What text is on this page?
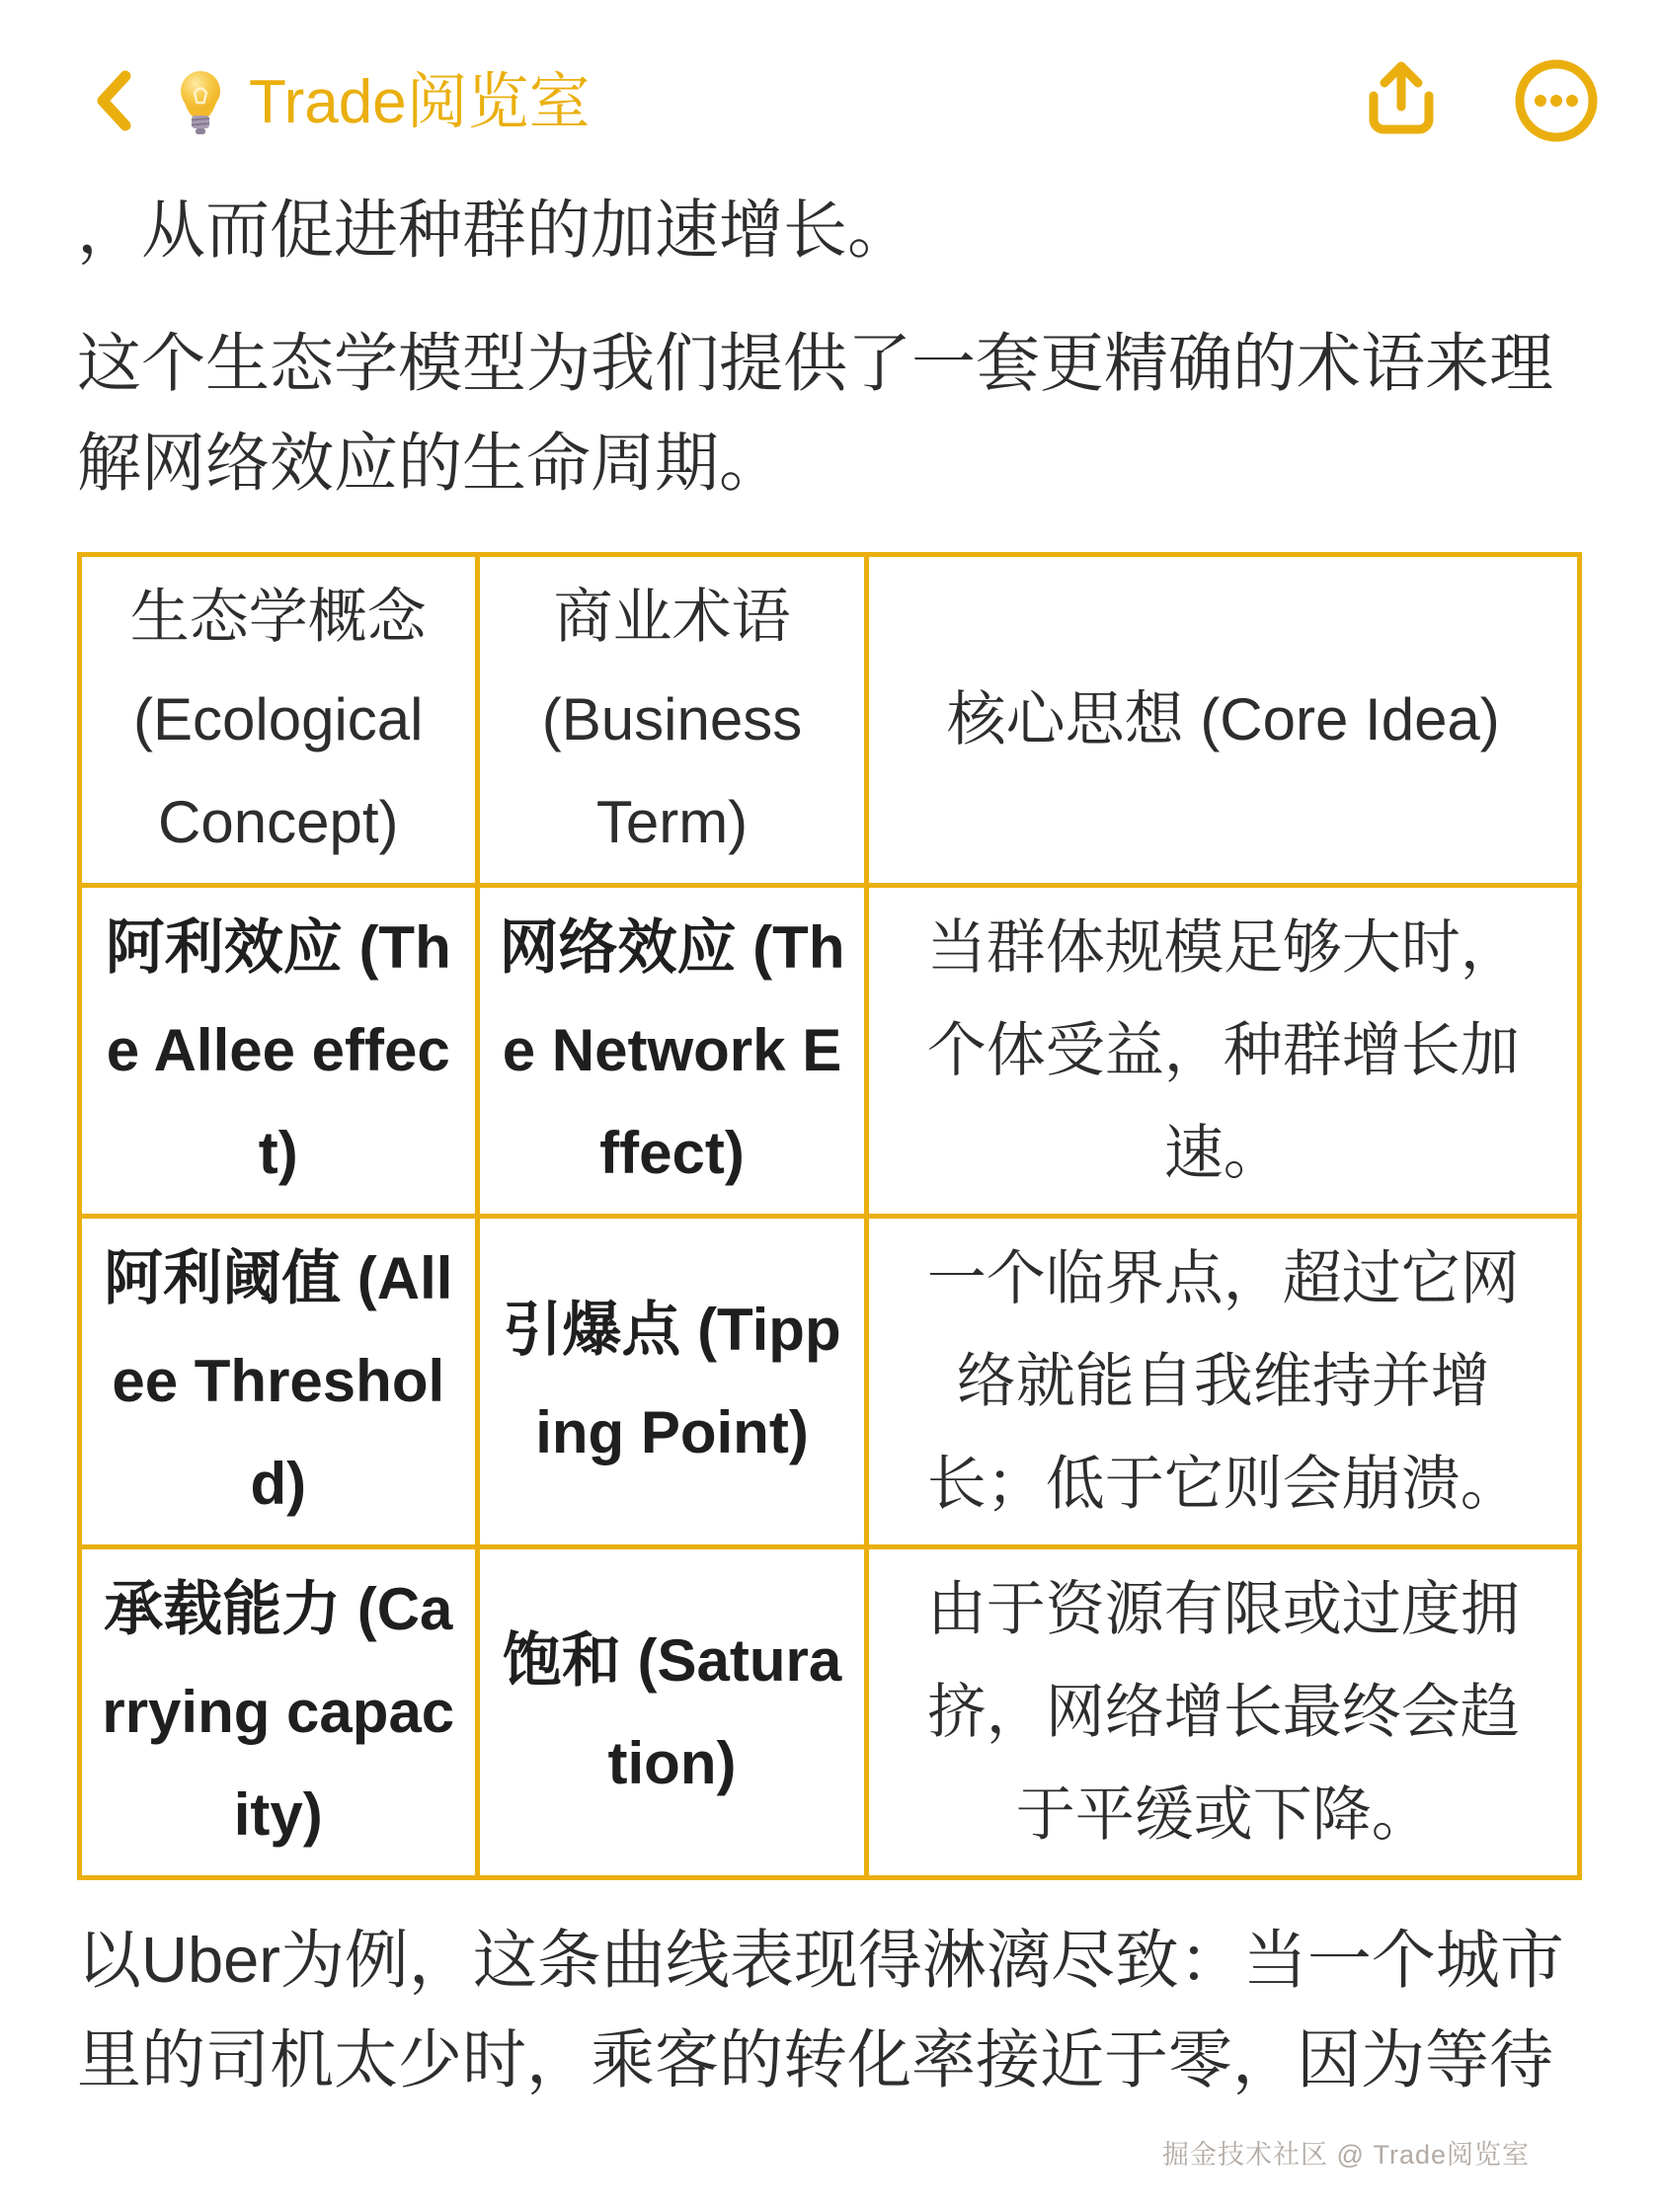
Trade阅览室

，从而促进种群的加速增长。

这个生态学模型为我们提供了一套更精确的术语来理解网络效应的生命周期。

生态学概念 (Ecological Concept)	商业术语 (Business Term)	核心思想 (Core Idea)
阿利效应 (The Allee effect)	网络效应 (The Network Effect)	当群体规模足够大时，个体受益，种群增长加速。
阿利阈值 (Allee Threshold)	引爆点 (Tipping Point)	一个临界点，超过它网络就能自我维持并增长；低于它则会崩溃。
承载能力 (Carrying capacity)	饱和 (Saturation)	由于资源有限或过度拥挤，网络增长最终会趋于平缓或下降。

以Uber为例，这条曲线表现得淋漓尽致：当一个城市里的司机太少时，乘客的转化率接近于零，因为等待

掘金技术社区 @ Trade阅览室
